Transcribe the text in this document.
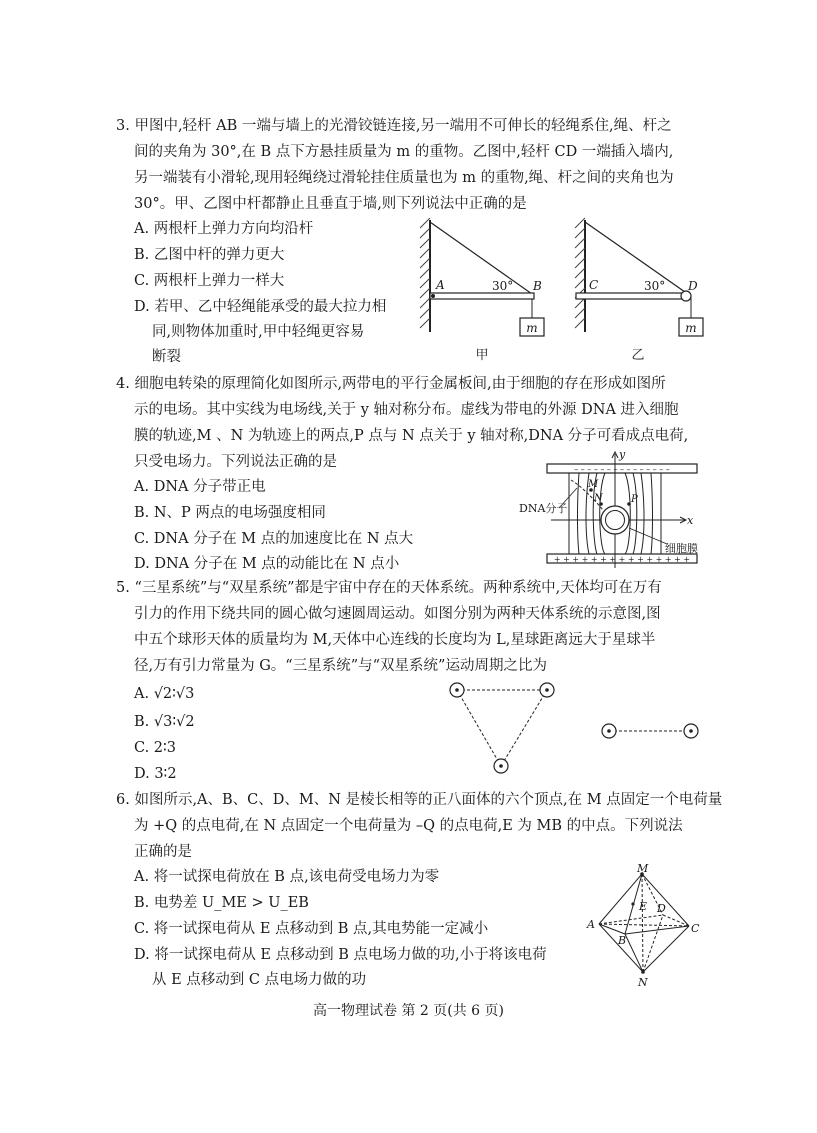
3. 甲图中,轻杆 AB 一端与墙上的光滑铰链连接,另一端用不可伸长的轻绳系住,绳、杆之
间的夹角为 30°,在 B 点下方悬挂质量为 m 的重物。乙图中,轻杆 CD 一端插入墙内,
另一端装有小滑轮,现用轻绳绕过滑轮挂住质量也为 m 的重物,绳、杆之间的夹角也为
30°。甲、乙图中杆都静止且垂直于墙,则下列说法中正确的是
A. 两根杆上弹力方向均沿杆
B. 乙图中杆的弹力更大
C. 两根杆上弹力一样大
D. 若甲、乙中轻绳能承受的最大拉力相
同,则物体加重时,甲中轻绳更容易
断裂
m
A	B
30°
甲
m
C	D
30°
乙
4. 细胞电转染的原理简化如图所示,两带电的平行金属板间,由于细胞的存在形成如图所
示的电场。其中实线为电场线,关于 y 轴对称分布。虚线为带电的外源 DNA 进入细胞
膜的轨迹,M 、N 为轨迹上的两点,P 点与 N 点关于 y 轴对称,DNA 分子可看成点电荷,
只受电场力。下列说法正确的是
A. DNA 分子带正电
B. N、P 两点的电场强度相同
C. DNA 分子在 M 点的加速度比在 N 点大
D. DNA 分子在 M 点的动能比在 N 点小
– – – – – – – – – – – – – – –
+ + + + + + + + + + + + + + +
y
x
M
N	P
DNA分子
细胞膜
5. “三星系统”与“双星系统”都是宇宙中存在的天体系统。两种系统中,天体均可在万有
引力的作用下绕共同的圆心做匀速圆周运动。如图分别为两种天体系统的示意图,图
中五个球形天体的质量均为 M,天体中心连线的长度均为 L,星球距离远大于星球半
径,万有引力常量为 G。“三星系统”与“双星系统”运动周期之比为
A. √2∶√3
B. √3∶√2
C. 2∶3
D. 3∶2
6. 如图所示,A、B、C、D、M、N 是棱长相等的正八面体的六个顶点,在 M 点固定一个电荷量
为 +Q 的点电荷,在 N 点固定一个电荷量为 –Q 的点电荷,E 为 MB 的中点。下列说法
正确的是
A. 将一试探电荷放在 B 点,该电荷受电场力为零
B. 电势差 U_ME > U_EB
C. 将一试探电荷从 E 点移动到 B 点,其电势能一定减小
D. 将一试探电荷从 E 点移动到 B 点电场力做的功,小于将该电荷
从 E 点移动到 C 点电场力做的功
M
N
A
B
C
D
E
高一物理试卷 第 2 页(共 6 页)
